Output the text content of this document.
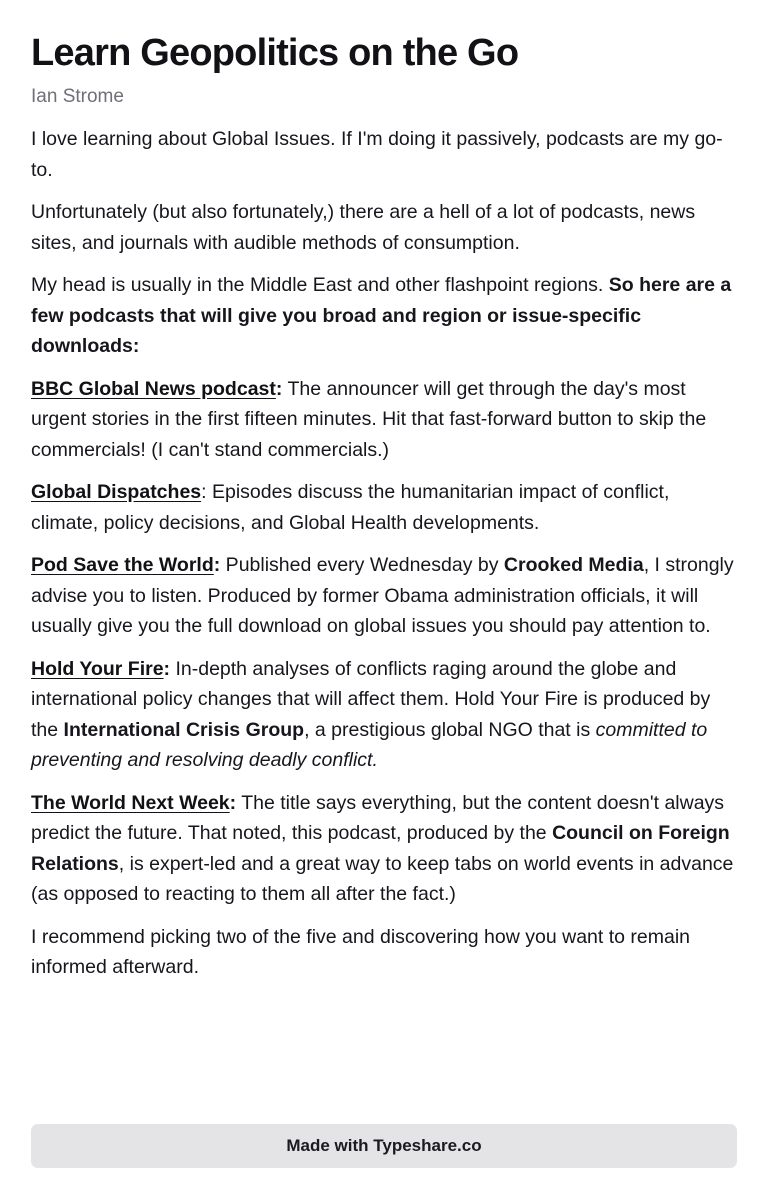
Learn Geopolitics on the Go
Ian Strome

I love learning about Global Issues. If I'm doing it passively, podcasts are my go-to.

Unfortunately (but also fortunately,) there are a hell of a lot of podcasts, news sites, and journals with audible methods of consumption.

My head is usually in the Middle East and other flashpoint regions. So here are a few podcasts that will give you broad and region or issue-specific downloads:

BBC Global News podcast: The announcer will get through the day's most urgent stories in the first fifteen minutes. Hit that fast-forward button to skip the commercials! (I can't stand commercials.)

Global Dispatches: Episodes discuss the humanitarian impact of conflict, climate, policy decisions, and Global Health developments.

Pod Save the World: Published every Wednesday by Crooked Media, I strongly advise you to listen. Produced by former Obama administration officials, it will usually give you the full download on global issues you should pay attention to.

Hold Your Fire: In-depth analyses of conflicts raging around the globe and international policy changes that will affect them. Hold Your Fire is produced by the International Crisis Group, a prestigious global NGO that is committed to preventing and resolving deadly conflict.

The World Next Week: The title says everything, but the content doesn't always predict the future. That noted, this podcast, produced by the Council on Foreign Relations, is expert-led and a great way to keep tabs on world events in advance (as opposed to reacting to them all after the fact.)

I recommend picking two of the five and discovering how you want to remain informed afterward.

Made with Typeshare.co
